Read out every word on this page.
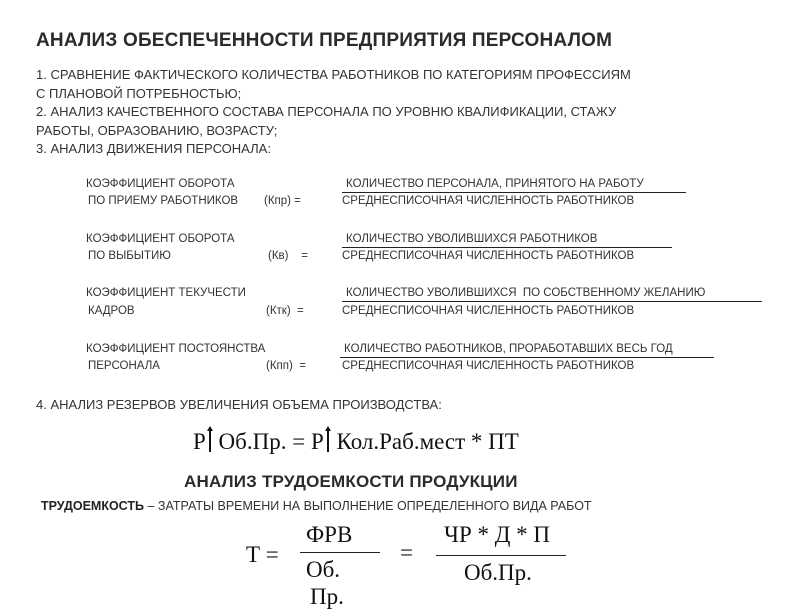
АНАЛИЗ ОБЕСПЕЧЕННОСТИ ПРЕДПРИЯТИЯ ПЕРСОНАЛОМ
1. СРАВНЕНИЕ ФАКТИЧЕСКОГО КОЛИЧЕСТВА РАБОТНИКОВ ПО КАТЕГОРИЯМ ПРОФЕССИЯМ
С ПЛАНОВОЙ ПОТРЕБНОСТЬЮ;
2. АНАЛИЗ КАЧЕСТВЕННОГО СОСТАВА ПЕРСОНАЛА ПО УРОВНЮ КВАЛИФИКАЦИИ, СТАЖУ
РАБОТЫ, ОБРАЗОВАНИЮ, ВОЗРАСТУ;
3. АНАЛИЗ ДВИЖЕНИЯ ПЕРСОНАЛА:
КОЭФФИЦИЕНТ ОБОРОТА
ПО ПРИЕМУ РАБОТНИКОВ (Кпр) =
КОЛИЧЕСТВО ПЕРСОНАЛА, ПРИНЯТОГО НА РАБОТУ
СРЕДНЕСПИСОЧНАЯ ЧИСЛЕННОСТЬ РАБОТНИКОВ
КОЭФФИЦИЕНТ ОБОРОТА
ПО ВЫБЫТИЮ	(Кв)    =
КОЛИЧЕСТВО УВОЛИВШИХСЯ РАБОТНИКОВ
СРЕДНЕСПИСОЧНАЯ ЧИСЛЕННОСТЬ РАБОТНИКОВ
КОЭФФИЦИЕНТ ТЕКУЧЕСТИ
КАДРОВ	(Ктк)  =
КОЛИЧЕСТВО УВОЛИВШИХСЯ  ПО СОБСТВЕННОМУ ЖЕЛАНИЮ
СРЕДНЕСПИСОЧНАЯ ЧИСЛЕННОСТЬ РАБОТНИКОВ
КОЭФФИЦИЕНТ ПОСТОЯНСТВА
ПЕРСОНАЛА	(Кпп)  =
КОЛИЧЕСТВО РАБОТНИКОВ, ПРОРАБОТАВШИХ ВЕСЬ ГОД
СРЕДНЕСПИСОЧНАЯ ЧИСЛЕННОСТЬ РАБОТНИКОВ
4. АНАЛИЗ РЕЗЕРВОВ УВЕЛИЧЕНИЯ ОБЪЕМА ПРОИЗВОДСТВА:
Р Об.Пр. = Р Кол.Раб.мест * ПТ
АНАЛИЗ ТРУДОЕМКОСТИ ПРОДУКЦИИ
ТРУДОЕМКОСТЬ – ЗАТРАТЫ ВРЕМЕНИ НА ВЫПОЛНЕНИЕ ОПРЕДЕЛЕННОГО ВИДА РАБОТ
Т =
ФРВ
Об.
Пр.
=
ЧР * Д * П
Об.Пр.
